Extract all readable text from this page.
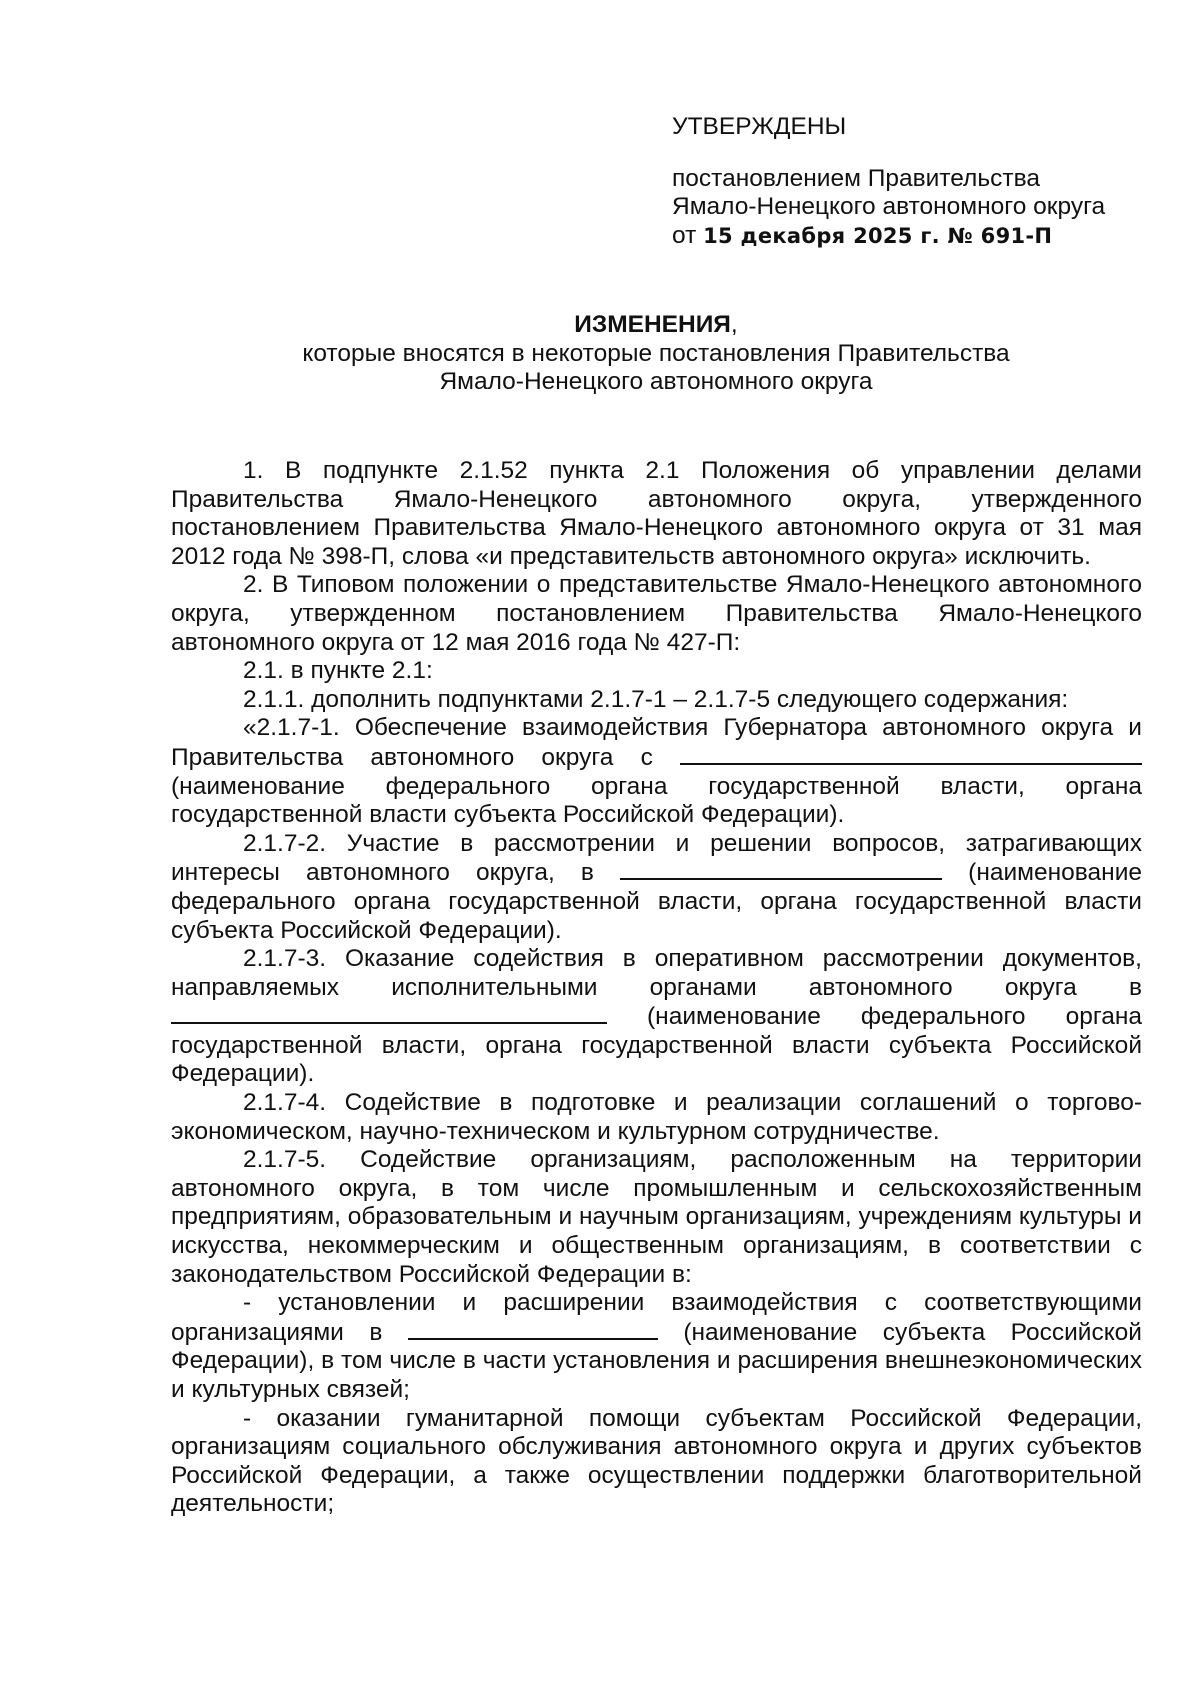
УТВЕРЖДЕНЫ

постановлением Правительства

Ямало-Ненецкого автономного округа

от 15 декабря 2025 г. № 691-П

ИЗМЕНЕНИЯ,

которые вносятся в некоторые постановления Правительства

Ямало-Ненецкого автономного округа

1. В подпункте 2.1.52 пункта 2.1 Положения об управлении делами Правительства Ямало-Ненецкого автономного округа, утвержденного постановлением Правительства Ямало-Ненецкого автономного округа от 31 мая 2012 года № 398-П, слова «и представительств автономного округа» исключить.

2. В Типовом положении о представительстве Ямало-Ненецкого автономного округа, утвержденном постановлением Правительства Ямало-Ненецкого автономного округа от 12 мая 2016 года № 427-П:

2.1. в пункте 2.1:

2.1.1. дополнить подпунктами 2.1.7-1 – 2.1.7-5 следующего содержания:

«2.1.7-1. Обеспечение взаимодействия Губернатора автономного округа и Правительства автономного округа с  (наименование федерального органа государственной власти, органа государственной власти субъекта Российской Федерации).

2.1.7-2. Участие в рассмотрении и решении вопросов, затрагивающих интересы автономного округа, в	(наименование федерального органа государственной власти, органа государственной власти субъекта Российской Федерации).

2.1.7-3. Оказание содействия в оперативном рассмотрении документов, направляемых исполнительными органами автономного округа в  (наименование федерального органа государственной власти, органа государственной власти субъекта Российской Федерации).

2.1.7-4. Содействие в подготовке и реализации соглашений о торгово-экономическом, научно-техническом и культурном сотрудничестве.

2.1.7-5. Содействие организациям, расположенным на территории автономного округа, в том числе промышленным и сельскохозяйственным предприятиям, образовательным и научным организациям, учреждениям культуры и искусства, некоммерческим и общественным организациям, в соответствии с законодательством Российской Федерации в:

- установлении и расширении взаимодействия с соответствующими организациями в	(наименование субъекта Российской Федерации), в том числе в части установления и расширения внешнеэкономических и культурных связей;

- оказании гуманитарной помощи субъектам Российской Федерации, организациям социального обслуживания автономного округа и других субъектов Российской Федерации, а также осуществлении поддержки благотворительной деятельности;
